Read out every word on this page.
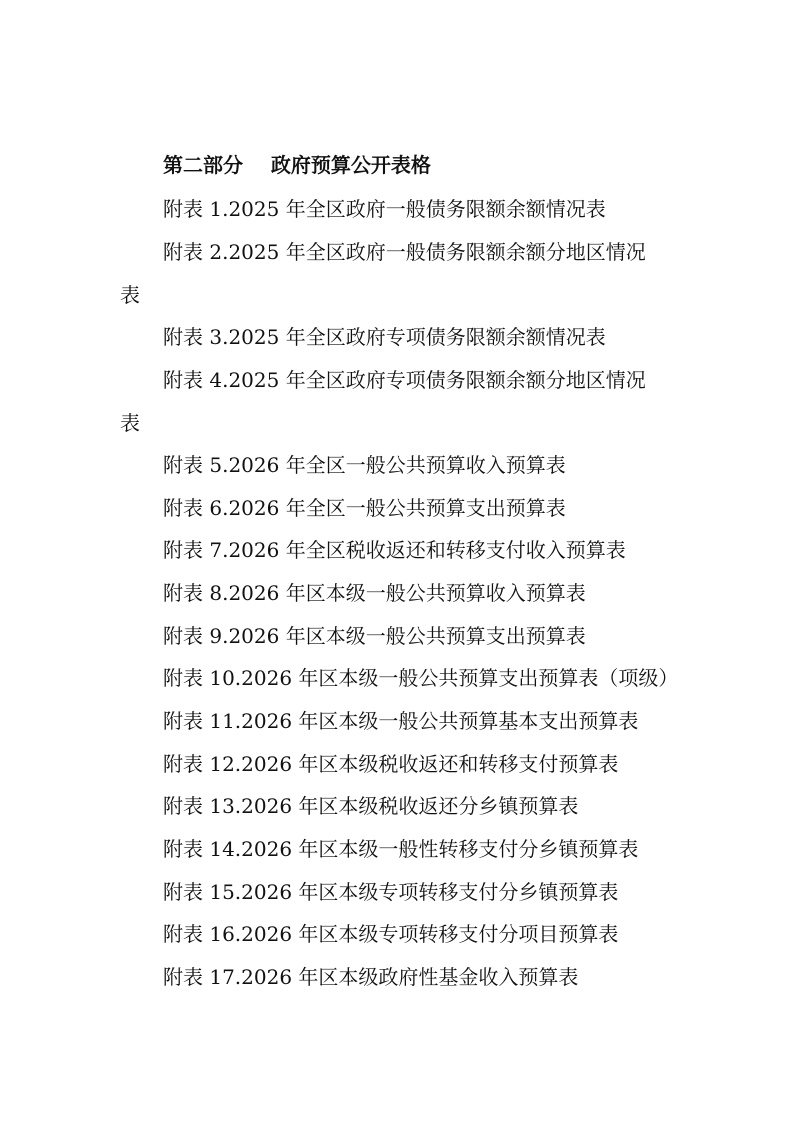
第二部分    政府预算公开表格
附表 1.2025 年全区政府一般债务限额余额情况表
附表 2.2025 年全区政府一般债务限额余额分地区情况
表
附表 3.2025 年全区政府专项债务限额余额情况表
附表 4.2025 年全区政府专项债务限额余额分地区情况
表
附表 5.2026 年全区一般公共预算收入预算表
附表 6.2026 年全区一般公共预算支出预算表
附表 7.2026 年全区税收返还和转移支付收入预算表
附表 8.2026 年区本级一般公共预算收入预算表
附表 9.2026 年区本级一般公共预算支出预算表
附表 10.2026 年区本级一般公共预算支出预算表（项级）
附表 11.2026 年区本级一般公共预算基本支出预算表
附表 12.2026 年区本级税收返还和转移支付预算表
附表 13.2026 年区本级税收返还分乡镇预算表
附表 14.2026 年区本级一般性转移支付分乡镇预算表
附表 15.2026 年区本级专项转移支付分乡镇预算表
附表 16.2026 年区本级专项转移支付分项目预算表
附表 17.2026 年区本级政府性基金收入预算表
